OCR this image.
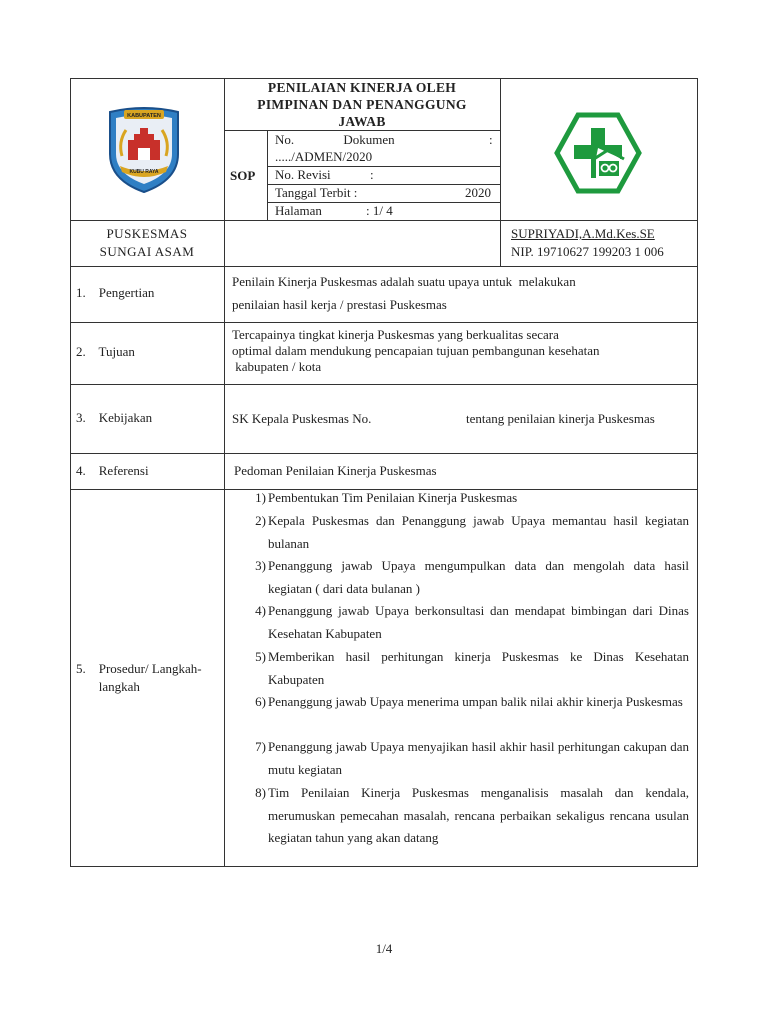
KABUPATEN
KUBU RAYA
PENILAIAN KINERJA OLEH
PIMPINAN DAN PENANGGUNG
JAWAB
SOP
No. Dokumen	:
...../ADMEN/2020
No. Revisi	:
Tanggal Terbit :	2020
Halaman	: 1/ 4
PUSKESMAS
SUNGAI ASAM
SUPRIYADI,A.Md.Kes.SE
NIP. 19710627 199203 1 006
1.    Pengertian
Penilain Kinerja Puskesmas adalah suatu upaya untuk  melakukan
penilaian hasil kerja / prestasi Puskesmas
2.    Tujuan
Tercapainya tingkat kinerja Puskesmas yang berkualitas secara
optimal dalam mendukung pencapaian tujuan pembangunan kesehatan
kabupaten / kota
3.    Kebijakan	SK Kepala Puskesmas No.	tentang penilaian kinerja Puskesmas
4.    Referensi	Pedoman Penilaian Kinerja Puskesmas
5.    Prosedur/ Langkah-
langkah
1) Pembentukan Tim Penilaian Kinerja Puskesmas
2) Kepala Puskesmas dan Penanggung jawab Upaya memantau hasil kegiatan bulanan
3) Penanggung jawab Upaya mengumpulkan data dan mengolah data hasil kegiatan ( dari data bulanan )
4) Penanggung jawab Upaya berkonsultasi dan mendapat bimbingan dari Dinas Kesehatan Kabupaten
5) Memberikan hasil perhitungan kinerja Puskesmas ke Dinas Kesehatan Kabupaten
6) Penanggung jawab Upaya menerima umpan balik nilai akhir kinerja Puskesmas
7) Penanggung jawab Upaya menyajikan hasil akhir hasil perhitungan cakupan dan mutu kegiatan
8) Tim Penilaian Kinerja Puskesmas menganalisis masalah dan kendala, merumuskan pemecahan masalah, rencana perbaikan sekaligus rencana usulan kegiatan tahun yang akan datang
1/4
